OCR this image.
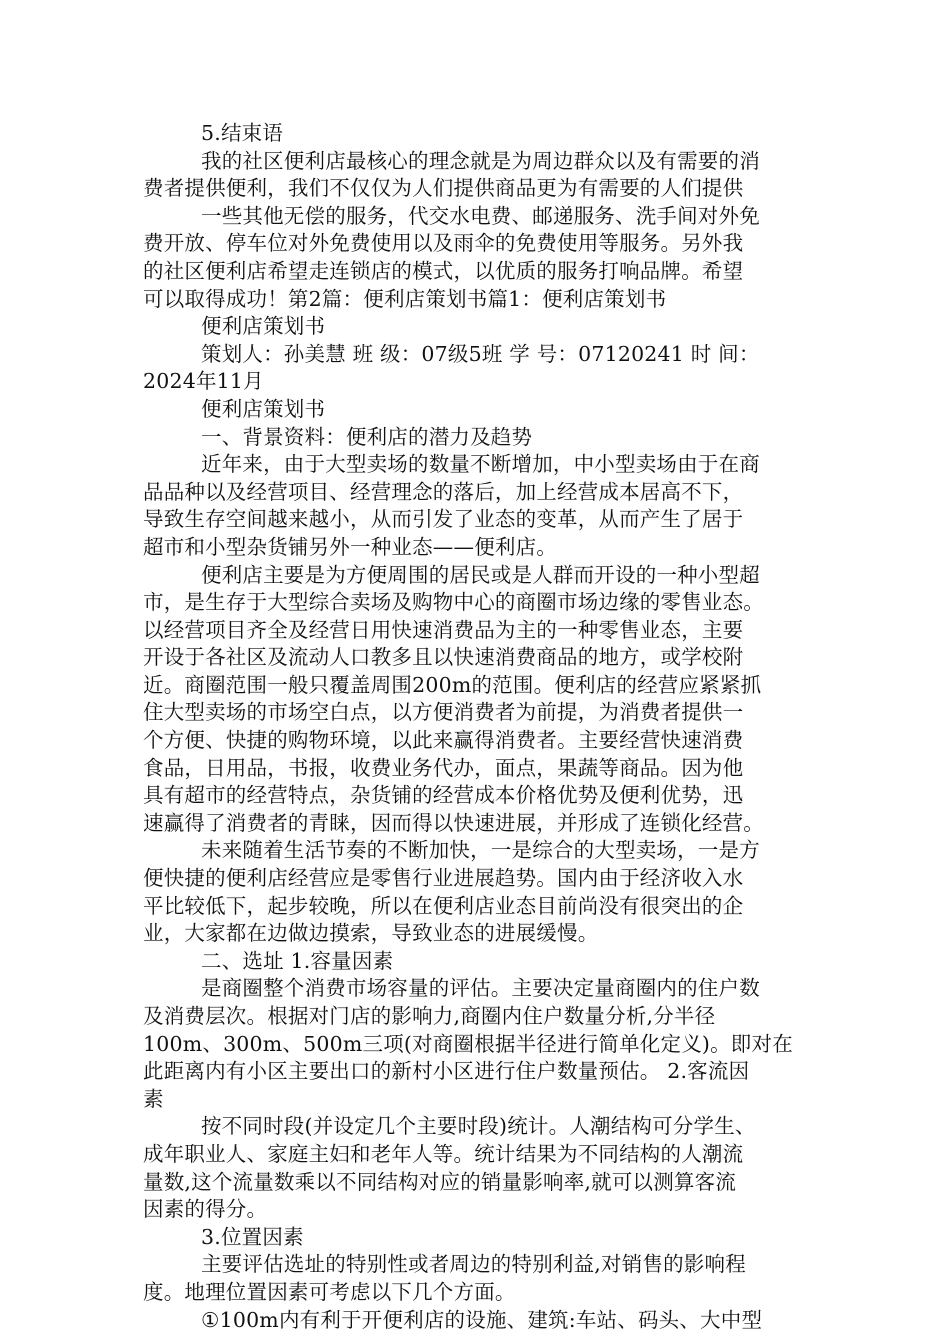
5.结束语
我的社区便利店最核心的理念就是为周边群众以及有需要的消
费者提供便利，我们不仅仅为人们提供商品更为有需要的人们提供
一些其他无偿的服务，代交水电费、邮递服务、洗手间对外免
费开放、停车位对外免费使用以及雨伞的免费使用等服务。另外我
的社区便利店希望走连锁店的模式，以优质的服务打响品牌。希望
可以取得成功！第2篇：便利店策划书篇1：便利店策划书
便利店策划书
策划人：孙美慧 班 级：07级5班 学 号：07120241 时 间：
2024年11月
便利店策划书
一、背景资料：便利店的潜力及趋势
近年来，由于大型卖场的数量不断增加，中小型卖场由于在商
品品种以及经营项目、经营理念的落后，加上经营成本居高不下，
导致生存空间越来越小，从而引发了业态的变革，从而产生了居于
超市和小型杂货铺另外一种业态——便利店。
便利店主要是为方便周围的居民或是人群而开设的一种小型超
市，是生存于大型综合卖场及购物中心的商圈市场边缘的零售业态。
以经营项目齐全及经营日用快速消费品为主的一种零售业态，主要
开设于各社区及流动人口教多且以快速消费商品的地方，或学校附
近。商圈范围一般只覆盖周围200m的范围。便利店的经营应紧紧抓
住大型卖场的市场空白点，以方便消费者为前提，为消费者提供一
个方便、快捷的购物环境，以此来赢得消费者。主要经营快速消费
食品，日用品，书报，收费业务代办，面点，果蔬等商品。因为他
具有超市的经营特点，杂货铺的经营成本价格优势及便利优势，迅
速赢得了消费者的青睐，因而得以快速进展，并形成了连锁化经营。
未来随着生活节奏的不断加快，一是综合的大型卖场，一是方
便快捷的便利店经营应是零售行业进展趋势。国内由于经济收入水
平比较低下，起步较晚，所以在便利店业态目前尚没有很突出的企
业，大家都在边做边摸索，导致业态的进展缓慢。
二、选址 1.容量因素
是商圈整个消费市场容量的评估。主要决定量商圈内的住户数
及消费层次。根据对门店的影响力,商圈内住户数量分析,分半径
100m、300m、500m三项(对商圈根据半径进行简单化定义)。即对在
此距离内有小区主要出口的新村小区进行住户数量预估。 2.客流因
素
按不同时段(并设定几个主要时段)统计。人潮结构可分学生、
成年职业人、家庭主妇和老年人等。统计结果为不同结构的人潮流
量数,这个流量数乘以不同结构对应的销量影响率,就可以测算客流
因素的得分。
3.位置因素
主要评估选址的特别性或者周边的特别利益,对销售的影响程
度。地理位置因素可考虑以下几个方面。
①100m内有利于开便利店的设施、建筑:车站、码头、大中型
